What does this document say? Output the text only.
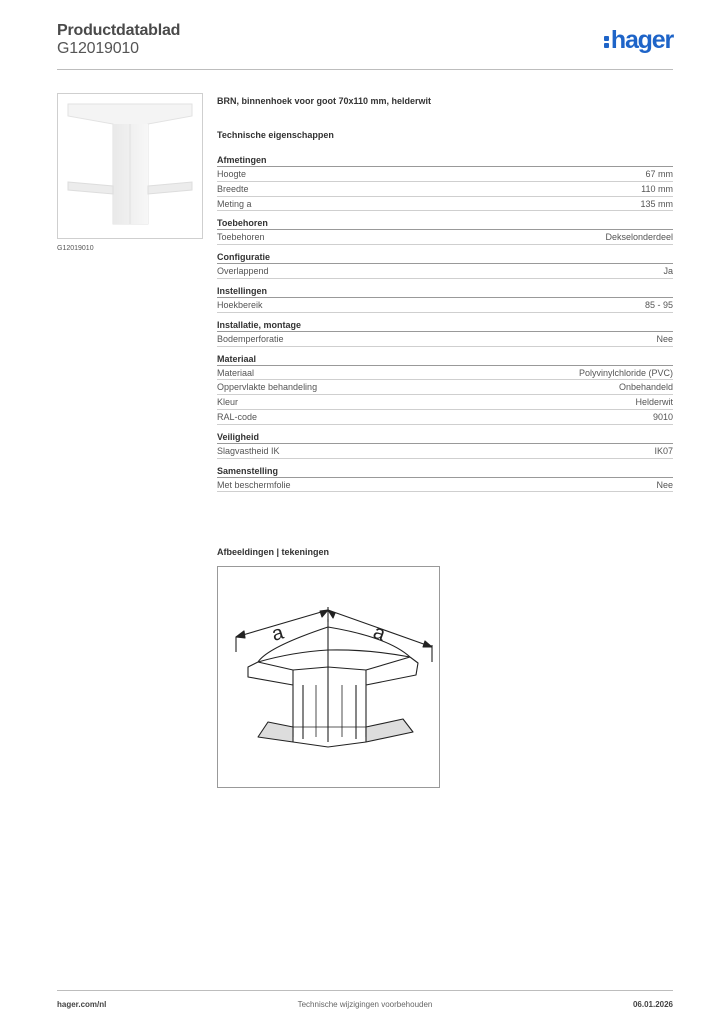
Productdatablad
G12019010	hager
G12019010
BRN, binnenhoek voor goot 70x110 mm, helderwit
Technische eigenschappen
Afmetingen
Hoogte	67 mm
Breedte	110 mm
Meting a	135 mm
Toebehoren
Toebehoren	Dekselonderdeel
Configuratie
Overlappend	Ja
Instellingen
Hoekbereik	85 - 95
Installatie, montage
Bodemperforatie	Nee
Materiaal
Materiaal	Polyvinylchloride (PVC)
Oppervlakte behandeling	Onbehandeld
Kleur	Helderwit
RAL-code	9010
Veiligheid
Slagvastheid IK	IK07
Samenstelling
Met beschermfolie	Nee
Afbeeldingen | tekeningen
a	a
hager.com/nl	Technische wijzigingen voorbehouden	06.01.2026
